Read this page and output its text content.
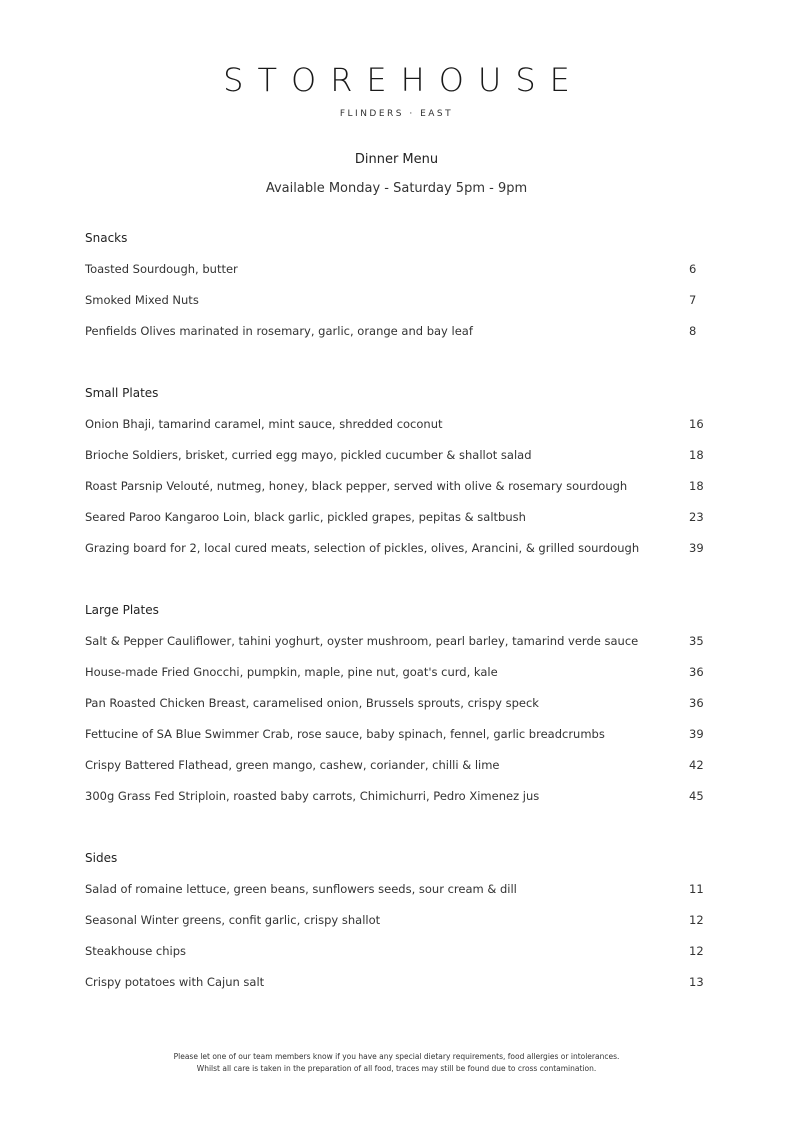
STOREHOUSE
FLINDERS · EAST
Dinner Menu
Available Monday - Saturday 5pm - 9pm
Snacks
Toasted Sourdough, butter	6
Smoked Mixed Nuts	7
Penfields Olives marinated in rosemary, garlic, orange and bay leaf	8
Small Plates
Onion Bhaji, tamarind caramel, mint sauce, shredded coconut	16
Brioche Soldiers, brisket, curried egg mayo, pickled cucumber & shallot salad	18
Roast Parsnip Velouté, nutmeg, honey, black pepper, served with olive & rosemary sourdough	18
Seared Paroo Kangaroo Loin, black garlic, pickled grapes, pepitas & saltbush	23
Grazing board for 2, local cured meats, selection of pickles, olives, Arancini, & grilled sourdough	39
Large Plates
Salt & Pepper Cauliflower, tahini yoghurt, oyster mushroom, pearl barley, tamarind verde sauce	35
House-made Fried Gnocchi, pumpkin, maple, pine nut, goat's curd, kale	36
Pan Roasted Chicken Breast, caramelised onion, Brussels sprouts, crispy speck	36
Fettucine of SA Blue Swimmer Crab, rose sauce, baby spinach, fennel, garlic breadcrumbs	39
Crispy Battered Flathead, green mango, cashew, coriander, chilli & lime	42
300g Grass Fed Striploin, roasted baby carrots, Chimichurri, Pedro Ximenez jus	45
Sides
Salad of romaine lettuce, green beans, sunflowers seeds, sour cream & dill	11
Seasonal Winter greens, confit garlic, crispy shallot	12
Steakhouse chips	12
Crispy potatoes with Cajun salt	13
Please let one of our team members know if you have any special dietary requirements, food allergies or intolerances.
Whilst all care is taken in the preparation of all food, traces may still be found due to cross contamination.
